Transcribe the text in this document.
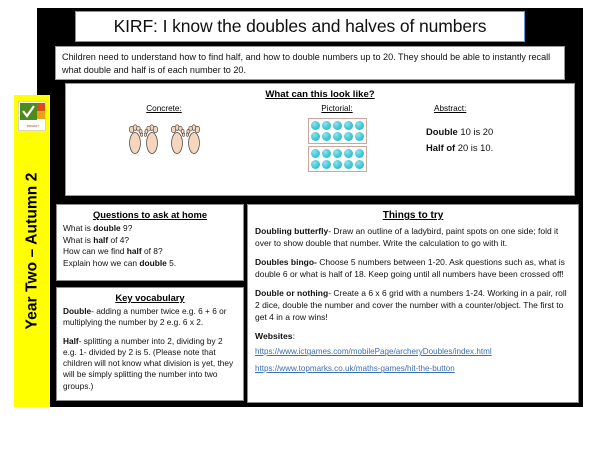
KIRF: I know the doubles and halves of numbers

Children need to understand how to find half, and how to double numbers up to 20. They should be able to instantly recall what double and half is of each number to 20.

What can this look like?
Concrete:	Pictorial:	Abstract:
Double 10 is 20
Half of 20 is 10.
PRIMARY
Year Two – Autumn 2	Questions to ask at home
What is double 9?
What is half of 4?
How can we find half of 8?
Explain how we can double 5.
Key vocabulary

Double- adding a number twice e.g. 6 + 6 or multiplying the number by 2 e.g. 6 x 2.

Half- splitting a number into 2, dividing by 2 e.g. 1- divided by 2 is 5. (Please note that children will not know what division is yet, they will be simply splitting the number into two groups.)

Things to try

Doubling butterfly- Draw an outline of a ladybird, paint spots on one side; fold it over to show double that number. Write the calculation to go with it.

Doubles bingo- Choose 5 numbers between 1-20. Ask questions such as, what is double 6 or what is half of 18. Keep going until all numbers have been crossed off!

Double or nothing- Create a 6 x 6 grid with a numbers 1-24. Working in a pair, roll 2 dice, double the number and cover the number with a counter/object. The first to get 4 in a row wins!

Websites:
https://www.ictgames.com/mobilePage/archeryDoubles/index.html
https://www.topmarks.co.uk/maths-games/hit-the-button
